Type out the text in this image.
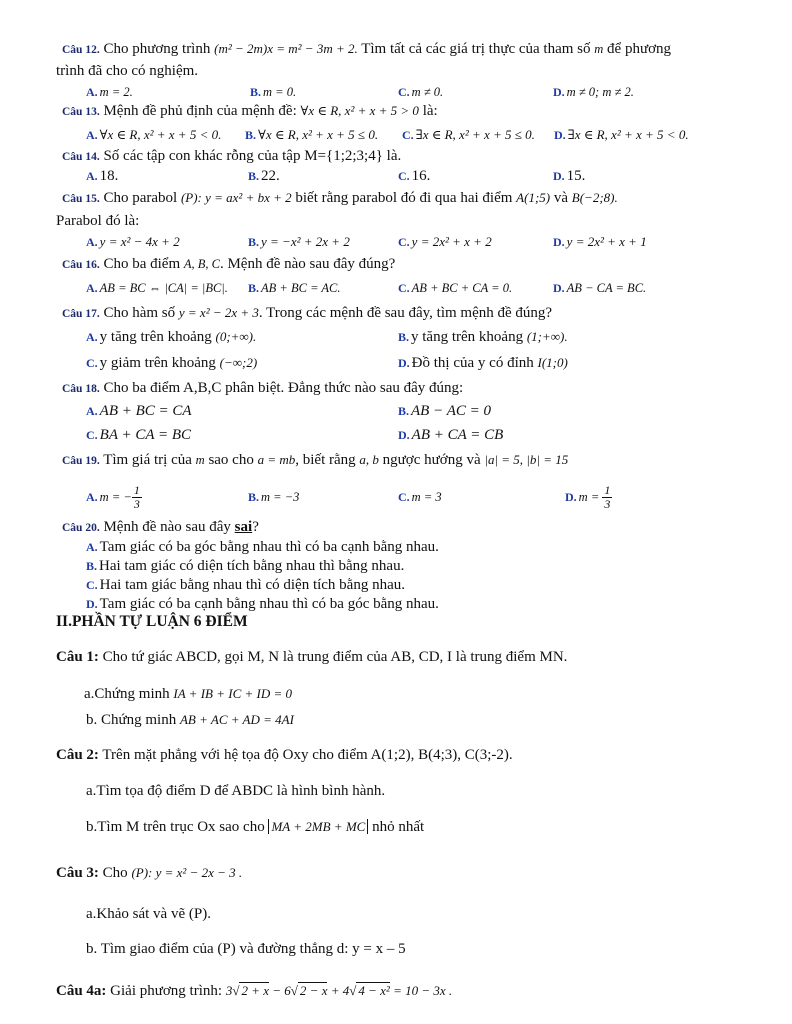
Câu 12. Cho phương trình (m² − 2m)x = m² − 3m + 2. Tìm tất cả các giá trị thực của tham số m để phương
trình đã cho có nghiệm.
A. m = 2.	B. m = 0.	C. m ≠ 0.	D. m ≠ 0; m ≠ 2.
Câu 13. Mệnh đề phủ định của mệnh đề: ∀x ∈ R, x² + x + 5 > 0 là:
A. ∀x ∈ R, x² + x + 5 < 0. B. ∀x ∈ R, x² + x + 5 ≤ 0. C. ∃x ∈ R, x² + x + 5 ≤ 0. D. ∃x ∈ R, x² + x + 5 < 0.
Câu 14. Số các tập con khác rỗng của tập M={1;2;3;4} là.
A. 18.	B. 22.	C. 16.	D. 15.
Câu 15. Cho parabol (P): y = ax² + bx + 2 biết rằng parabol đó đi qua hai điểm A(1;5) và B(−2;8).
Parabol đó là:
A. y = x² − 4x + 2	B. y = −x² + 2x + 2	C. y = 2x² + x + 2	D. y = 2x² + x + 1
Câu 16. Cho ba điểm A, B, C. Mệnh đề nào sau đây đúng?
A. AB = BC ⇔ |CA| = |BC|. B. AB + BC = AC.	C. AB + BC + CA = 0.	D. AB − CA = BC.
Câu 17. Cho hàm số y = x² − 2x + 3. Trong các mệnh đề sau đây, tìm mệnh đề đúng?
A. y tăng trên khoảng (0;+∞).	B. y tăng trên khoảng (1;+∞).
C. y giảm trên khoảng (−∞;2)	D. Đồ thị của y có đỉnh I(1;0)
Câu 18. Cho ba điểm A,B,C phân biệt. Đẳng thức nào sau đây đúng:
A. AB + BC = CA	B. AB − AC = 0
C. BA + CA = BC	D. AB + CA = CB
Câu 19. Tìm giá trị của m sao cho a = mb, biết rằng a, b ngược hướng và |a| = 5, |b| = 15
A. m = − $\frac{1}{3}$	B. m = −3	C. m = 3	D. $m = \frac{1}{3}$
Câu 20. Mệnh đề nào sau đây sai?
A. Tam giác có ba góc bằng nhau thì có ba cạnh bằng nhau.
B. Hai tam giác có diện tích bằng nhau thì bằng nhau.
C. Hai tam giác bằng nhau thì có diện tích bằng nhau.
D. Tam giác có ba cạnh bằng nhau thì có ba góc bằng nhau.
II.PHẦN TỰ LUẬN 6 ĐIỂM
Câu 1: Cho tứ giác ABCD, gọi M, N là trung điểm của AB, CD, I là trung điểm MN.
a.Chứng minh IA + IB + IC + ID = 0
b. Chứng minh AB + AC + AD = 4AI
Câu 2: Trên mặt phẳng với hệ tọa độ Oxy cho điểm A(1;2), B(4;3), C(3;-2).
a.Tìm tọa độ điểm D để ABDC là hình bình hành.
b.Tìm M trên trục Ox sao cho MA + 2MB + MC nhỏ nhất
Câu 3: Cho (P): y = x² − 2x − 3 .
a.Khảo sát và vẽ (P).
b. Tìm giao điểm của (P) và đường thẳng d: y = x – 5
Câu 4a: Giải phương trình: 3√ 2 + x − 6√ 2 − x + 4√ 4 − x² = 10 − 3x .
